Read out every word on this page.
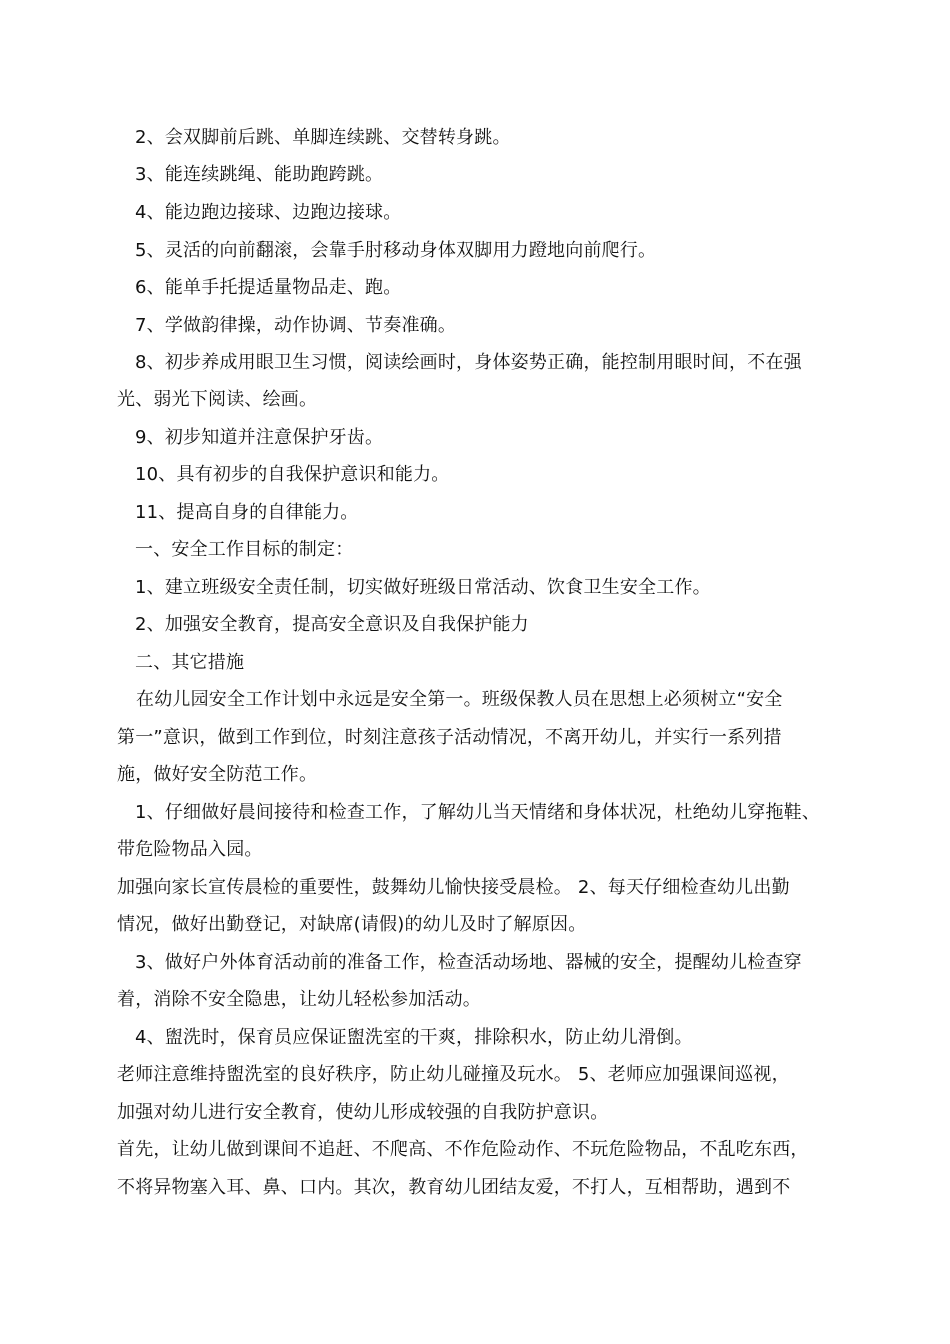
2、会双脚前后跳、单脚连续跳、交替转身跳。
3、能连续跳绳、能助跑跨跳。
4、能边跑边接球、边跑边接球。
5、灵活的向前翻滚，会靠手肘移动身体双脚用力蹬地向前爬行。
6、能单手托提适量物品走、跑。
7、学做韵律操，动作协调、节奏准确。
8、初步养成用眼卫生习惯，阅读绘画时，身体姿势正确，能控制用眼时间，不在强
光、弱光下阅读、绘画。
9、初步知道并注意保护牙齿。
10、具有初步的自我保护意识和能力。
11、提高自身的自律能力。
一、安全工作目标的制定：
1、建立班级安全责任制，切实做好班级日常活动、饮食卫生安全工作。
2、加强安全教育，提高安全意识及自我保护能力
二、其它措施
在幼儿园安全工作计划中永远是安全第一。班级保教人员在思想上必须树立“安全
第一”意识，做到工作到位，时刻注意孩子活动情况，不离开幼儿，并实行一系列措
施，做好安全防范工作。
1、仔细做好晨间接待和检查工作，了解幼儿当天情绪和身体状况，杜绝幼儿穿拖鞋、
带危险物品入园。
加强向家长宣传晨检的重要性，鼓舞幼儿愉快接受晨检。 2、每天仔细检查幼儿出勤
情况，做好出勤登记，对缺席(请假)的幼儿及时了解原因。
3、做好户外体育活动前的准备工作，检查活动场地、器械的安全，提醒幼儿检查穿
着，消除不安全隐患，让幼儿轻松参加活动。
4、盥洗时，保育员应保证盥洗室的干爽，排除积水，防止幼儿滑倒。
老师注意维持盥洗室的良好秩序，防止幼儿碰撞及玩水。 5、老师应加强课间巡视，
加强对幼儿进行安全教育，使幼儿形成较强的自我防护意识。
首先，让幼儿做到课间不追赶、不爬高、不作危险动作、不玩危险物品，不乱吃东西，
不将异物塞入耳、鼻、口内。其次，教育幼儿团结友爱，不打人，互相帮助，遇到不
